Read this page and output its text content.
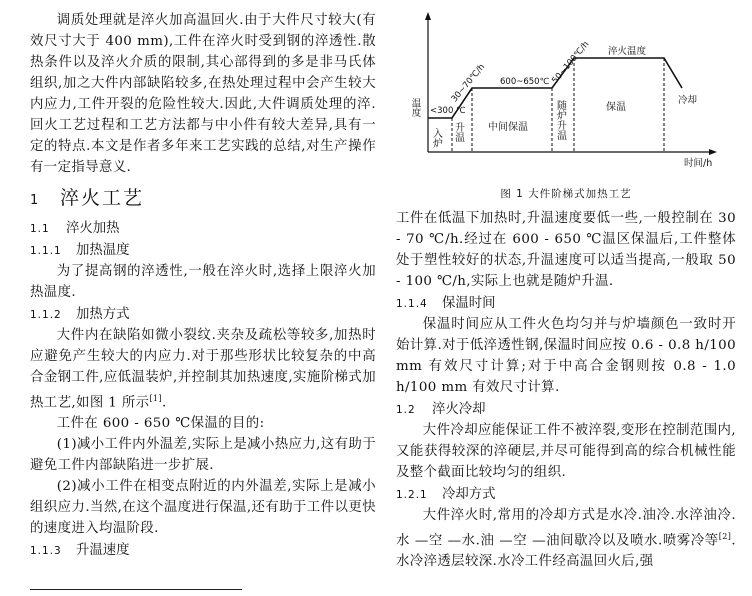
调质处理就是淬火加高温回火.由于大件尺寸较大(有效尺寸大于 400 mm),工件在淬火时受到钢的淬透性.散热条件以及淬火介质的限制,其心部得到的多是非马氏体组织,加之大件内部缺陷较多,在热处理过程中会产生较大内应力,工件开裂的危险性较大.因此,大件调质处理的淬.回火工艺过程和工艺方法都与中小件有较大差异,具有一定的特点.本文是作者多年来工艺实践的总结,对生产操作有一定指导意义.

1 淬火工艺
1.1 淬火加热
1.1.1 加热温度

为了提高钢的淬透性,一般在淬火时,选择上限淬火加热温度.

1.1.2 加热方式

大件内在缺陷如微小裂纹.夹杂及疏松等较多,加热时应避免产生较大的内应力.对于那些形状比较复杂的中高合金钢工件,应低温装炉,并控制其加热速度,实施阶梯式加热工艺,如图 1 所示[1].

工件在 600 - 650 ℃保温的目的:

(1)减小工件内外温差,实际上是减小热应力,这有助于避免工件内部缺陷进一步扩展.

(2)减小工件在相变点附近的内外温差,实际上是减小组织应力.当然,在这个温度进行保温,还有助于工件以更快的速度进入均温阶段.

1.1.3 升温速度
温度
时间/h
<300 ℃
30~70℃/h 600~650℃ 50~100℃/h 淬火温度
冷却
入炉 升温 中间保温	随炉升温	保温
图 1 大件阶梯式加热工艺

工件在低温下加热时,升温速度要低一些,一般控制在 30 - 70 ℃/h.经过在 600 - 650 ℃温区保温后,工件整体处于塑性较好的状态,升温速度可以适当提高,一般取 50 - 100 ℃/h,实际上也就是随炉升温.

1.1.4 保温时间

保温时间应从工件火色均匀并与炉墙颜色一致时开始计算.对于低淬透性钢,保温时间应按 0.6 - 0.8 h/100 mm 有效尺寸计算;对于中高合金钢则按 0.8 - 1.0 h/100 mm 有效尺寸计算.

1.2 淬火冷却

大件冷却应能保证工件不被淬裂,变形在控制范围内,又能获得较深的淬硬层,并尽可能得到高的综合机械性能及整个截面比较均匀的组织.

1.2.1 冷却方式

大件淬火时,常用的冷却方式是水冷.油冷.水淬油冷.水 —空 —水.油 —空 —油间歇冷以及喷水.喷雾冷等[2].水冷淬透层较深.水冷工件经高温回火后,强
